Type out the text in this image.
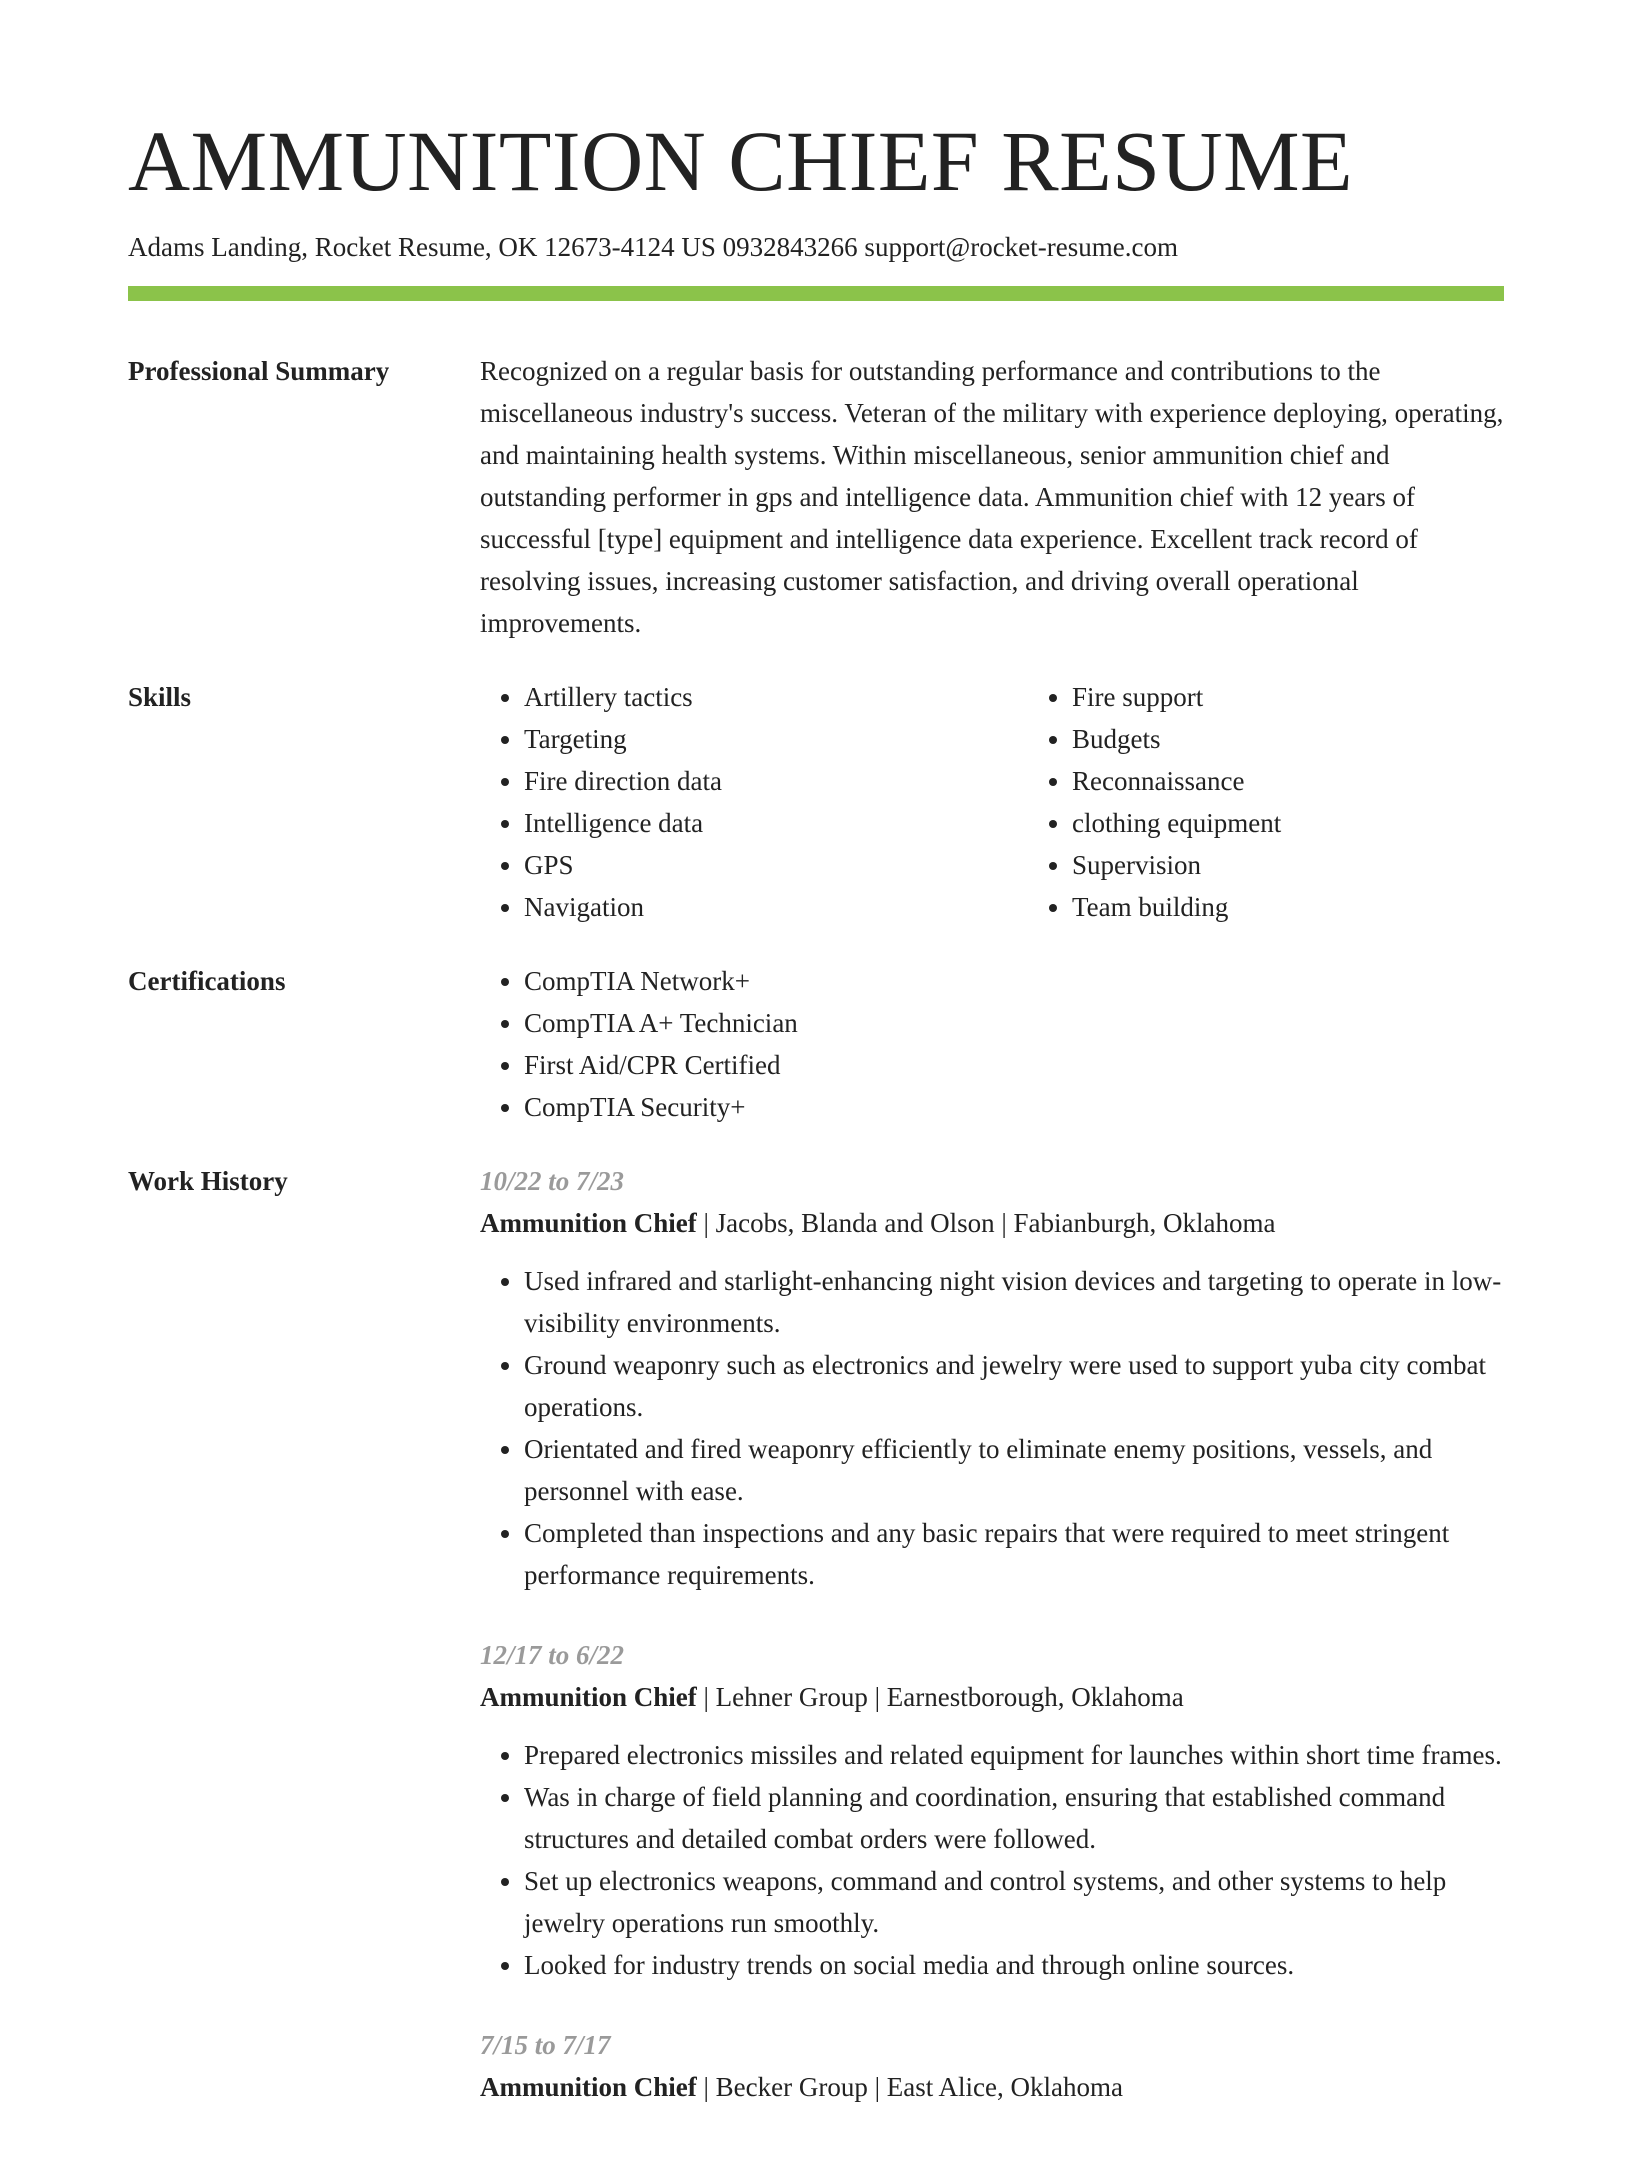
AMMUNITION CHIEF RESUME
Adams Landing, Rocket Resume, OK 12673-4124 US 0932843266 support@rocket-resume.com
Professional Summary	Recognized on a regular basis for outstanding performance and contributions to the miscellaneous industry's success. Veteran of the military with experience deploying, operating, and maintaining health systems. Within miscellaneous, senior ammunition chief and outstanding performer in gps and intelligence data. Ammunition chief with 12 years of successful [type] equipment and intelligence data experience. Excellent track record of resolving issues, increasing customer satisfaction, and driving overall operational improvements.

Skills	• Artillery tactics
• Targeting
• Fire direction data
• Intelligence data
• GPS
• Navigation
• Fire support
• Budgets
• Reconnaissance
• clothing equipment
• Supervision
• Team building
Certifications	• CompTIA Network+
• CompTIA A+ Technician
• First Aid/CPR Certified
• CompTIA Security+
Work History	10/22 to 7/23
Ammunition Chief | Jacobs, Blanda and Olson | Fabianburgh, Oklahoma
• Used infrared and starlight-enhancing night vision devices and targeting to operate in low-visibility environments.
• Ground weaponry such as electronics and jewelry were used to support yuba city combat operations.
• Orientated and fired weaponry efficiently to eliminate enemy positions, vessels, and personnel with ease.
• Completed than inspections and any basic repairs that were required to meet stringent performance requirements.
12/17 to 6/22
Ammunition Chief | Lehner Group | Earnestborough, Oklahoma
• Prepared electronics missiles and related equipment for launches within short time frames.
• Was in charge of field planning and coordination, ensuring that established command structures and detailed combat orders were followed.
• Set up electronics weapons, command and control systems, and other systems to help jewelry operations run smoothly.
• Looked for industry trends on social media and through online sources.
7/15 to 7/17
Ammunition Chief | Becker Group | East Alice, Oklahoma
